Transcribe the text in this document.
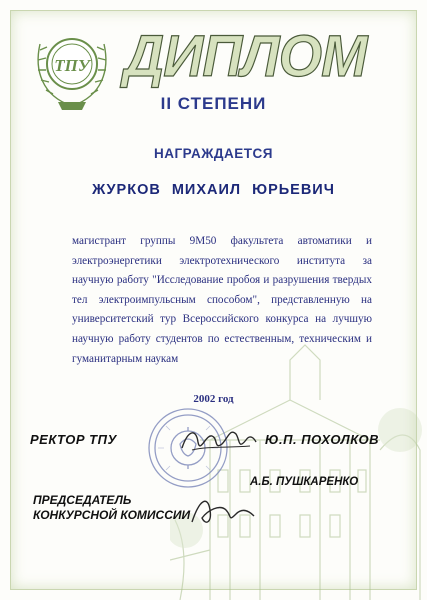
ТПУ ДИПЛОМ
II СТЕПЕНИ
НАГРАЖДАЕТСЯ
ЖУРКОВ МИХАИЛ ЮРЬЕВИЧ
магистрант группы 9М50 факультета автоматики и электроэнергетики электротехнического института за научную работу "Исследование пробоя и разрушения твердых тел электроимпульсным способом", представленную на университетский тур Всероссийского конкурса на лучшую научную работу студентов по естественным, техническим и гуманитарным наукам
2002 год
РЕКТОР ТПУ	Ю.П. ПОХОЛКОВ
А.Б. ПУШКАРЕНКО
ПРЕДСЕДАТЕЛЬ
КОНКУРСНОЙ КОМИССИИ
